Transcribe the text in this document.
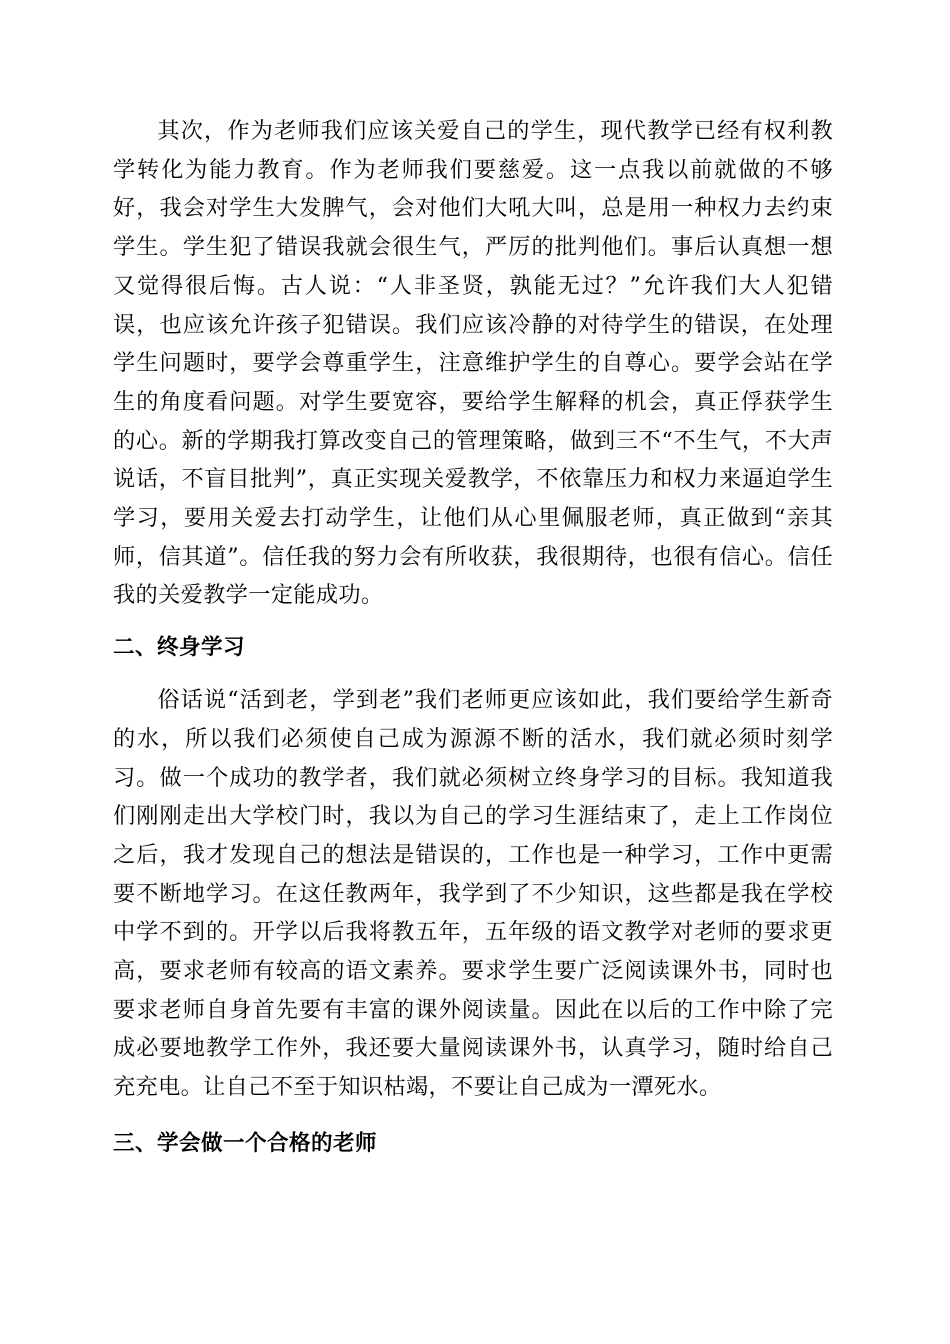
其次，作为老师我们应该关爱自己的学生，现代教学已经有权利教学转化为能力教育。作为老师我们要慈爱。这一点我以前就做的不够好，我会对学生大发脾气，会对他们大吼大叫，总是用一种权力去约束学生。学生犯了错误我就会很生气，严厉的批判他们。事后认真想一想又觉得很后悔。古人说：“人非圣贤，孰能无过？”允许我们大人犯错误，也应该允许孩子犯错误。我们应该冷静的对待学生的错误，在处理学生问题时，要学会尊重学生，注意维护学生的自尊心。要学会站在学生的角度看问题。对学生要宽容，要给学生解释的机会，真正俘获学生的心。新的学期我打算改变自己的管理策略，做到三不“不生气，不大声说话，不盲目批判”，真正实现关爱教学，不依靠压力和权力来逼迫学生学习，要用关爱去打动学生，让他们从心里佩服老师，真正做到“亲其师，信其道”。信任我的努力会有所收获，我很期待，也很有信心。信任我的关爱教学一定能成功。

二、终身学习

俗话说“活到老，学到老”我们老师更应该如此，我们要给学生新奇的水，所以我们必须使自己成为源源不断的活水，我们就必须时刻学习。做一个成功的教学者，我们就必须树立终身学习的目标。我知道我们刚刚走出大学校门时，我以为自己的学习生涯结束了，走上工作岗位之后，我才发现自己的想法是错误的，工作也是一种学习，工作中更需要不断地学习。在这任教两年，我学到了不少知识，这些都是我在学校中学不到的。开学以后我将教五年，五年级的语文教学对老师的要求更高，要求老师有较高的语文素养。要求学生要广泛阅读课外书，同时也要求老师自身首先要有丰富的课外阅读量。因此在以后的工作中除了完成必要地教学工作外，我还要大量阅读课外书，认真学习，随时给自己充充电。让自己不至于知识枯竭，不要让自己成为一潭死水。

三、学会做一个合格的老师
